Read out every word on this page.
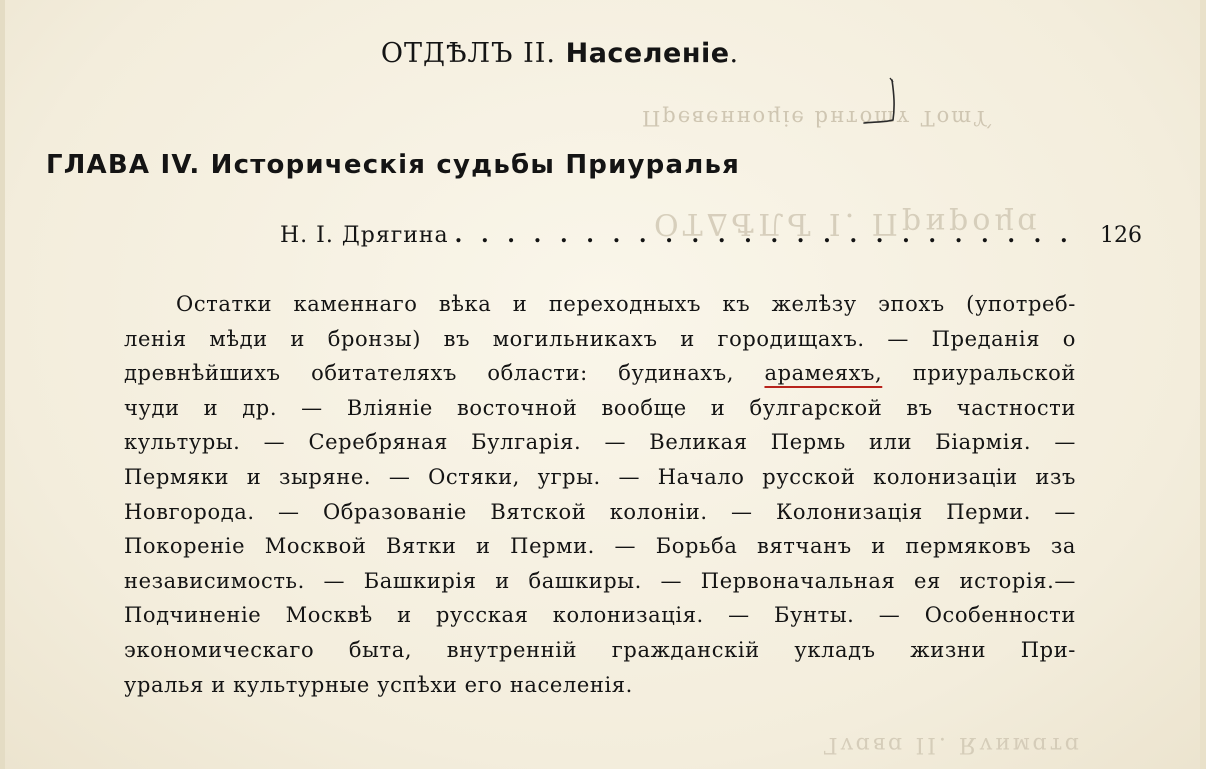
ϓmoT ʏmoтнd ɘіµоннɘвɘqП
ɒµоqиqП .I ЪЛѢ∆TO
ɒтɒмиvЯ .II ɒвɒvГ
ОТДѢЛЪ II. Населеніе.
ГЛАВА IV. Историческія судьбы Приуралья
Н. I. Дрягина
. . .	126
Остатки каменнаго вѣка и переходныхъ къ желѣзу эпохъ (употреб-
ленія мѣди и бронзы) въ могильникахъ и городищахъ. — Преданія о
древнѣйшихъ обитателяхъ области: будинахъ, арамеяхъ, приуральской
чуди и др. — Вліяніе восточной вообще и булгарской въ частности
культуры. — Серебряная Булгарія. — Великая Пермь или Біармія. —
Пермяки и зыряне. — Остяки, угры. — Начало русской колонизаціи изъ
Новгорода. — Образованіе Вятской колоніи. — Колонизація Перми. —
Покореніе Москвой Вятки и Перми. — Борьба вятчанъ и пермяковъ за
независимость. — Башкирія и башкиры. — Первоначальная ея исторія.—
Подчиненіе Москвѣ и русская колонизація. — Бунты. — Особенности
экономическаго быта, внутренній гражданскій укладъ жизни При-
уралья и культурные успѣхи его населенія.
